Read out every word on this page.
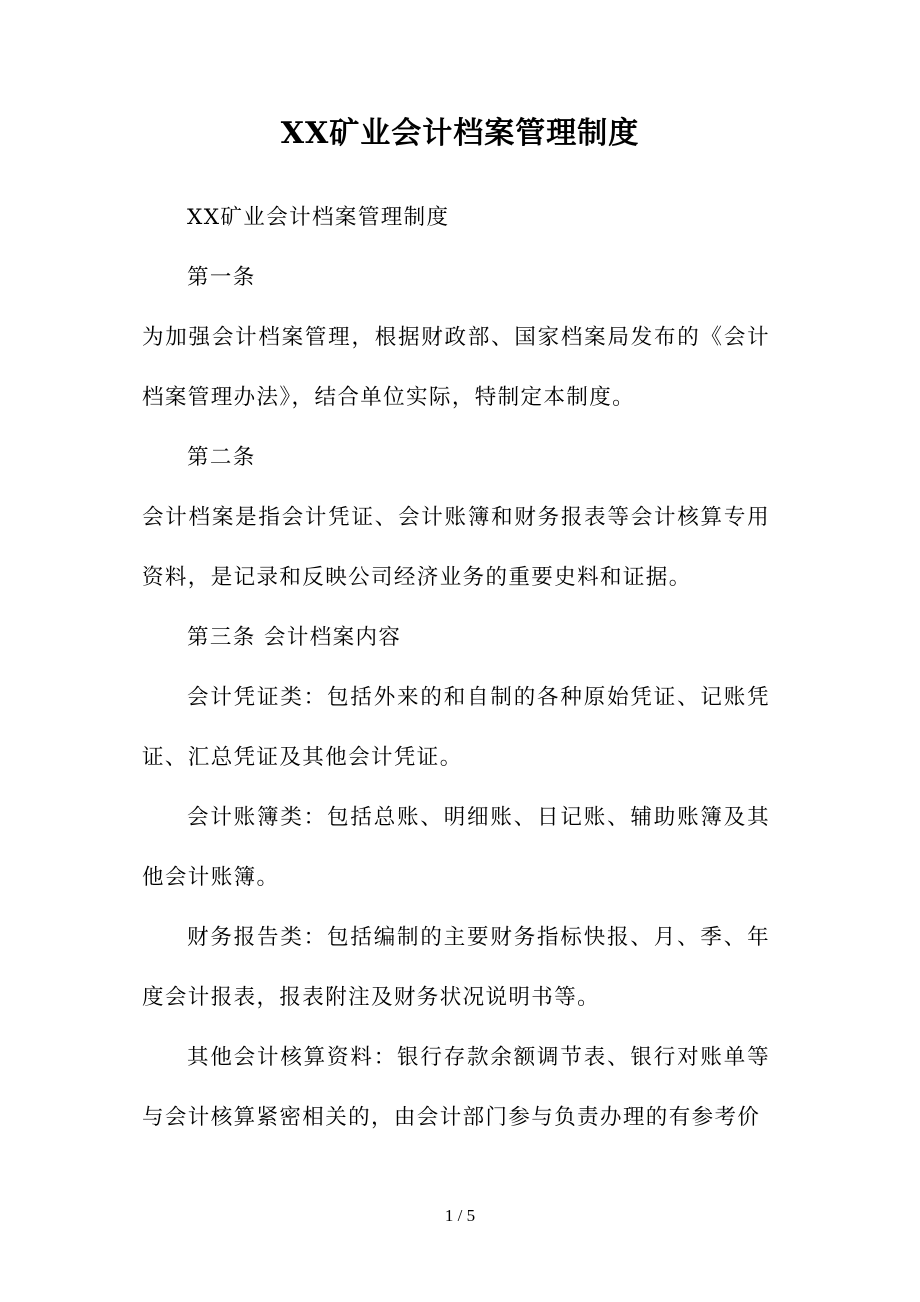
XX矿业会计档案管理制度

XX矿业会计档案管理制度

第一条

为加强会计档案管理，根据财政部、国家档案局发布的《会计档案管理办法》，结合单位实际，特制定本制度。

第二条

会计档案是指会计凭证、会计账簿和财务报表等会计核算专用资料，是记录和反映公司经济业务的重要史料和证据。

第三条 会计档案内容

会计凭证类：包括外来的和自制的各种原始凭证、记账凭证、汇总凭证及其他会计凭证。

会计账簿类：包括总账、明细账、日记账、辅助账簿及其他会计账簿。

财务报告类：包括编制的主要财务指标快报、月、季、年度会计报表，报表附注及财务状况说明书等。

其他会计核算资料：银行存款余额调节表、银行对账单等与会计核算紧密相关的，由会计部门参与负责办理的有参考价

1 / 5
